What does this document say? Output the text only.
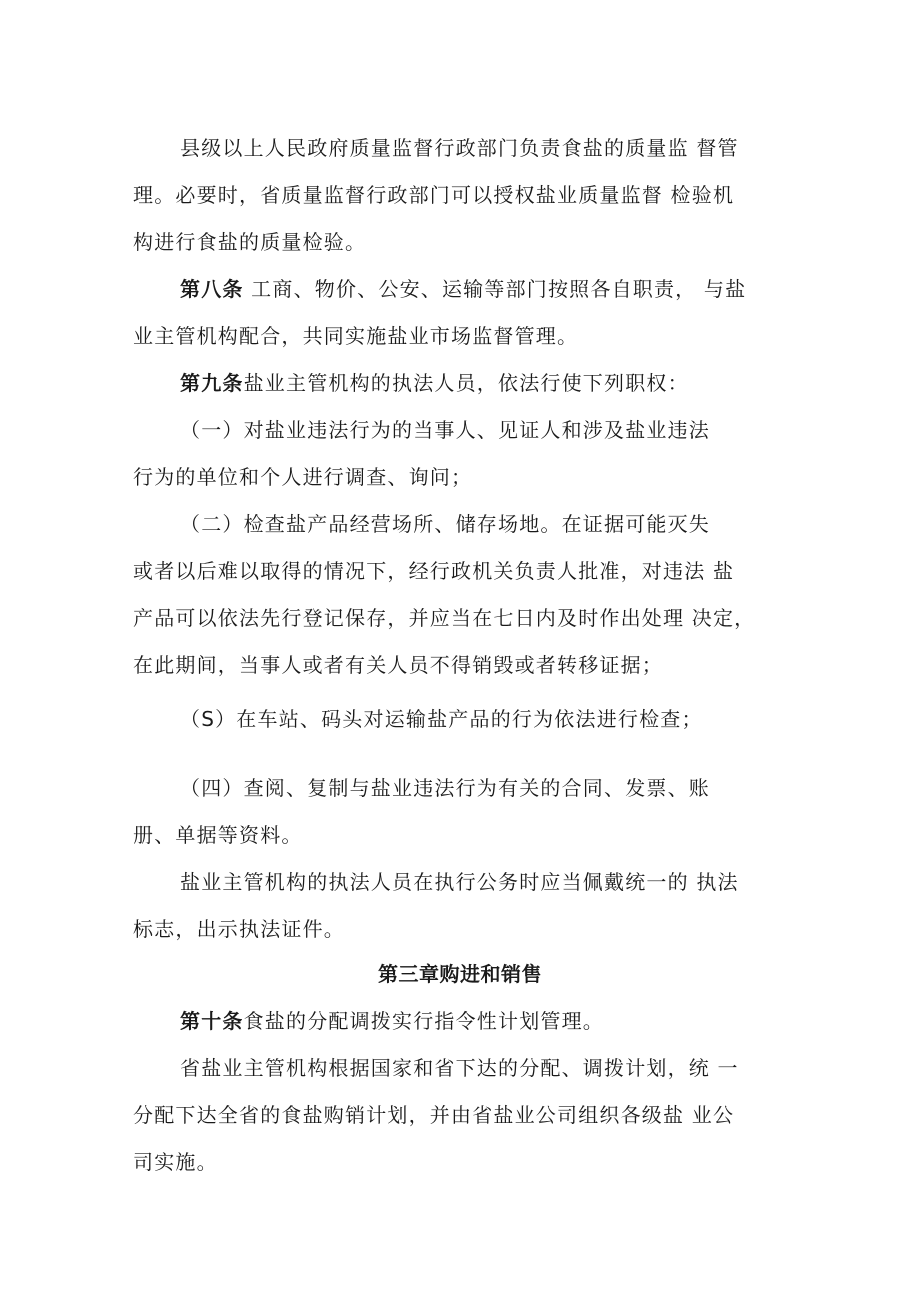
县级以上人民政府质量监督行政部门负责食盐的质量监 督管
理。必要时，省质量监督行政部门可以授权盐业质量监督 检验机
构进行食盐的质量检验。
第八条 工商、物价、公安、运输等部门按照各自职责， 与盐
业主管机构配合，共同实施盐业市场监督管理。
第九条盐业主管机构的执法人员，依法行使下列职权：
（一）对盐业违法行为的当事人、见证人和涉及盐业违法
行为的单位和个人进行调查、询问；
（二）检查盐产品经营场所、储存场地。在证据可能灭失
或者以后难以取得的情况下，经行政机关负责人批准，对违法 盐
产品可以依法先行登记保存，并应当在七日内及时作出处理 决定，
在此期间，当事人或者有关人员不得销毁或者转移证据；
（S）在车站、码头对运输盐产品的行为依法进行检查；
（四）查阅、复制与盐业违法行为有关的合同、发票、账
册、单据等资料。
盐业主管机构的执法人员在执行公务时应当佩戴统一的 执法
标志，出示执法证件。
第三章购进和销售
第十条食盐的分配调拨实行指令性计划管理。
省盐业主管机构根据国家和省下达的分配、调拨计划，统 一
分配下达全省的食盐购销计划，并由省盐业公司组织各级盐 业公
司实施。
